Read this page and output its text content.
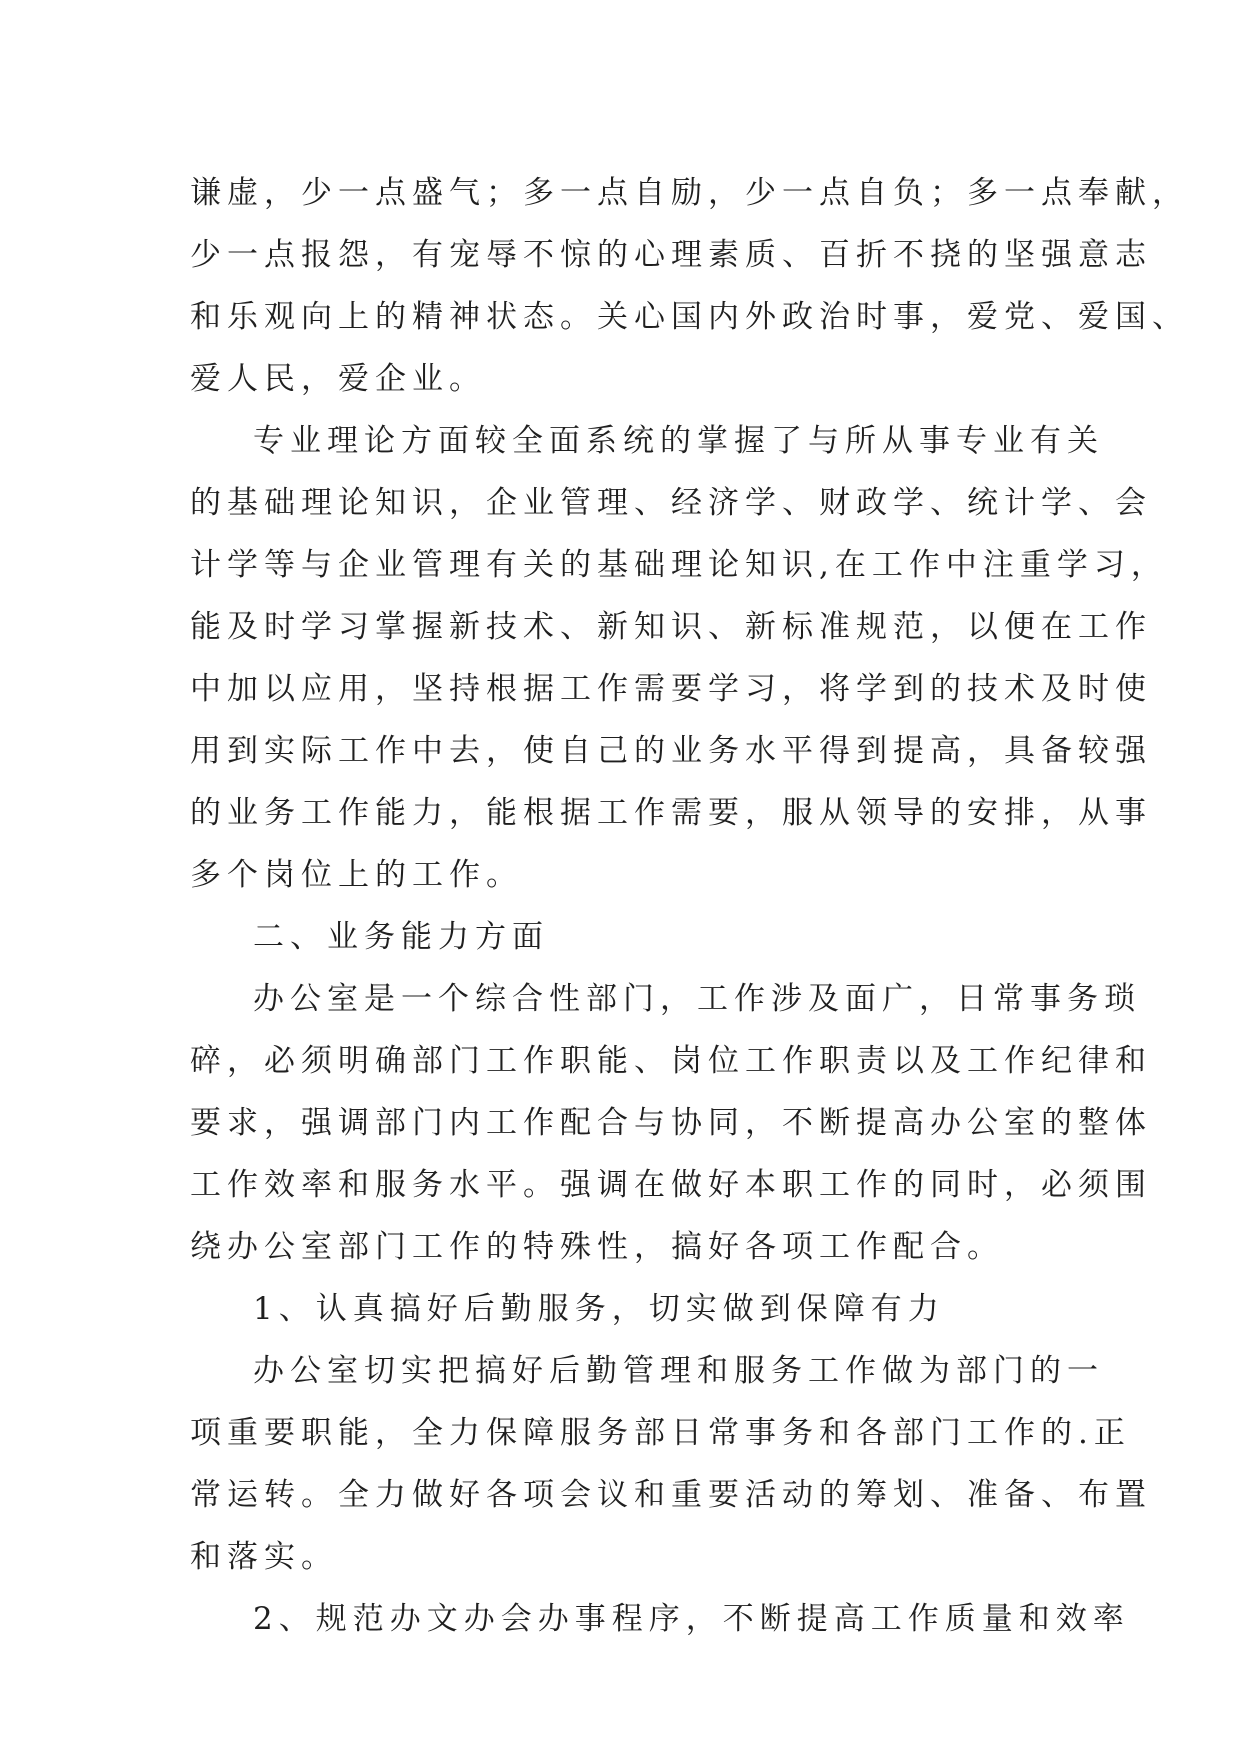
谦虚，少一点盛气；多一点自励，少一点自负；多一点奉献，
少一点报怨，有宠辱不惊的心理素质、百折不挠的坚强意志
和乐观向上的精神状态。关心国内外政治时事，爱党、爱国、
爱人民，爱企业。
专业理论方面较全面系统的掌握了与所从事专业有关
的基础理论知识，企业管理、经济学、财政学、统计学、会
计学等与企业管理有关的基础理论知识,在工作中注重学习，
能及时学习掌握新技术、新知识、新标准规范，以便在工作
中加以应用，坚持根据工作需要学习，将学到的技术及时使
用到实际工作中去，使自己的业务水平得到提高，具备较强
的业务工作能力，能根据工作需要，服从领导的安排，从事
多个岗位上的工作。
二、业务能力方面
办公室是一个综合性部门，工作涉及面广，日常事务琐
碎，必须明确部门工作职能、岗位工作职责以及工作纪律和
要求，强调部门内工作配合与协同，不断提高办公室的整体
工作效率和服务水平。强调在做好本职工作的同时，必须围
绕办公室部门工作的特殊性，搞好各项工作配合。
1、认真搞好后勤服务，切实做到保障有力
办公室切实把搞好后勤管理和服务工作做为部门的一
项重要职能，全力保障服务部日常事务和各部门工作的.正
常运转。全力做好各项会议和重要活动的筹划、准备、布置
和落实。
2、规范办文办会办事程序，不断提高工作质量和效率
